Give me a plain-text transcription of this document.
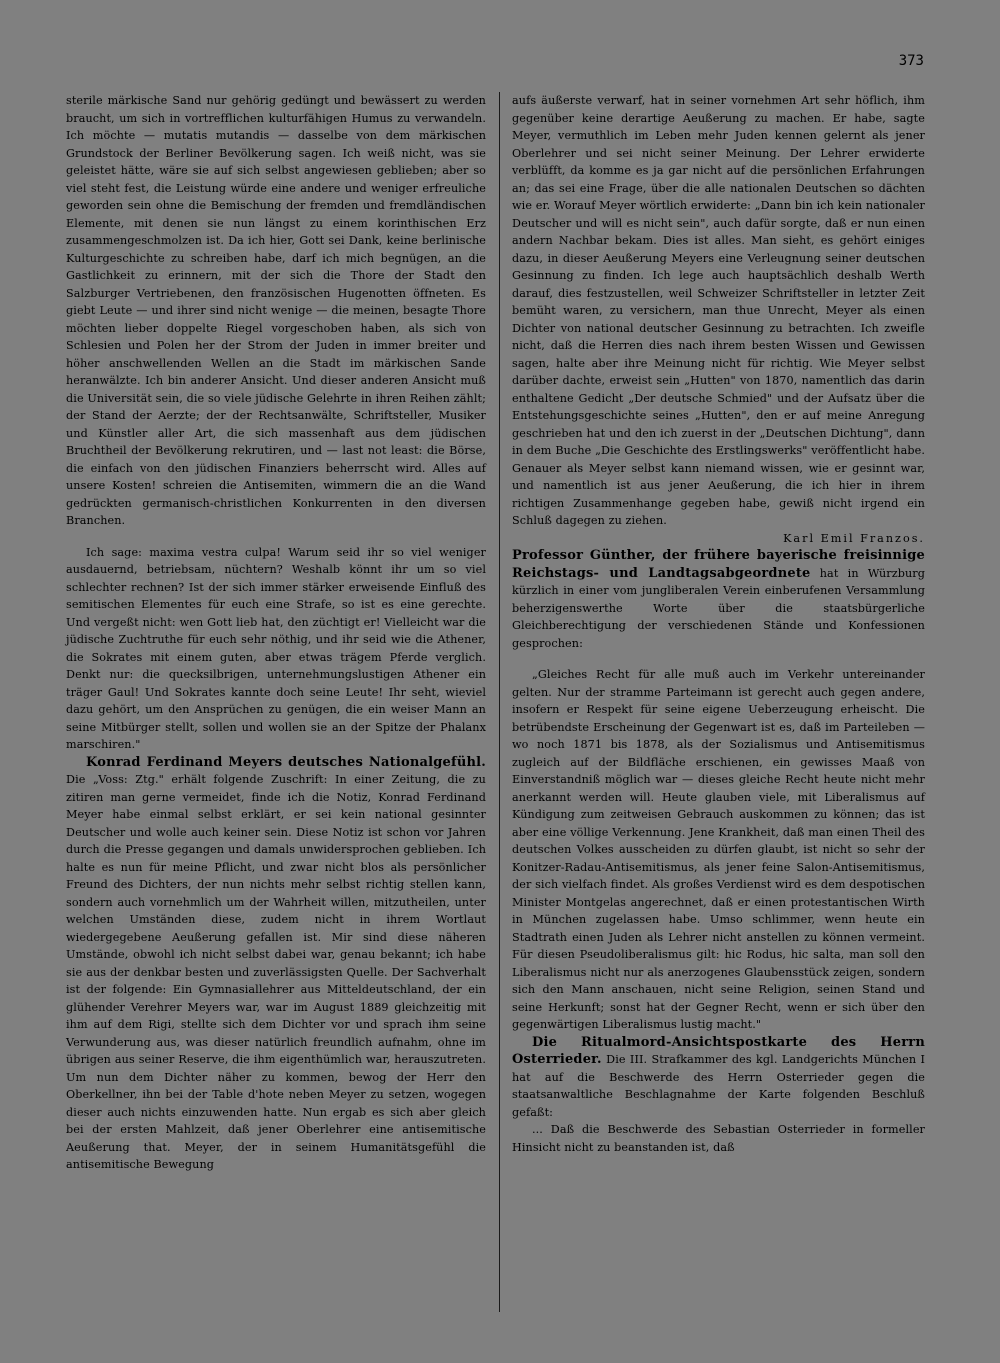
373

sterile märkische Sand nur gehörig gedüngt und bewässert zu werden braucht, um sich in vortrefflichen kulturfähigen Humus zu verwandeln. Ich möchte — mutatis mutandis — dasselbe von dem märkischen Grundstock der Berliner Bevölkerung sagen. Ich weiß nicht, was sie geleistet hätte, wäre sie auf sich selbst angewiesen geblieben; aber so viel steht fest, die Leistung würde eine andere und weniger erfreuliche geworden sein ohne die Bemischung der fremden und fremdländischen Elemente, mit denen sie nun längst zu einem korinthischen Erz zusammengeschmolzen ist. Da ich hier, Gott sei Dank, keine berlinische Kulturgeschichte zu schreiben habe, darf ich mich begnügen, an die Gastlichkeit zu erinnern, mit der sich die Thore der Stadt den Salzburger Vertriebenen, den französischen Hugenotten öffneten. Es giebt Leute — und ihrer sind nicht wenige — die meinen, besagte Thore möchten lieber doppelte Riegel vorgeschoben haben, als sich von Schlesien und Polen her der Strom der Juden in immer breiter und höher anschwellenden Wellen an die Stadt im märkischen Sande heranwälzte. Ich bin anderer Ansicht. Und dieser anderen Ansicht muß die Universität sein, die so viele jüdische Gelehrte in ihren Reihen zählt; der Stand der Aerzte; der der Rechtsanwälte, Schriftsteller, Musiker und Künstler aller Art, die sich massenhaft aus dem jüdischen Bruchtheil der Bevölkerung rekrutiren, und — last not least: die Börse, die einfach von den jüdischen Finanziers beherrscht wird. Alles auf unsere Kosten! schreien die Antisemiten, wimmern die an die Wand gedrückten germanisch-christlichen Konkurrenten in den diversen Branchen.

Ich sage: maxima vestra culpa! Warum seid ihr so viel weniger ausdauernd, betriebsam, nüchtern? Weshalb könnt ihr um so viel schlechter rechnen? Ist der sich immer stärker erweisende Einfluß des semitischen Elementes für euch eine Strafe, so ist es eine gerechte. Und vergeßt nicht: wen Gott lieb hat, den züchtigt er! Vielleicht war die jüdische Zuchtruthe für euch sehr nöthig, und ihr seid wie die Athener, die Sokrates mit einem guten, aber etwas trägem Pferde verglich. Denkt nur: die quecksilbrigen, unternehmungslustigen Athener ein träger Gaul! Und Sokrates kannte doch seine Leute! Ihr seht, wieviel dazu gehört, um den Ansprüchen zu genügen, die ein weiser Mann an seine Mitbürger stellt, sollen und wollen sie an der Spitze der Phalanx marschiren."

Konrad Ferdinand Meyers deutsches Nationalgefühl. Die „Voss: Ztg." erhält folgende Zuschrift: In einer Zeitung, die zu zitiren man gerne vermeidet, finde ich die Notiz, Konrad Ferdinand Meyer habe einmal selbst erklärt, er sei kein national gesinnter Deutscher und wolle auch keiner sein. Diese Notiz ist schon vor Jahren durch die Presse gegangen und damals unwidersprochen geblieben. Ich halte es nun für meine Pflicht, und zwar nicht blos als persönlicher Freund des Dichters, der nun nichts mehr selbst richtig stellen kann, sondern auch vornehmlich um der Wahrheit willen, mitzutheilen, unter welchen Umständen diese, zudem nicht in ihrem Wortlaut wiedergegebene Aeußerung gefallen ist. Mir sind diese näheren Umstände, obwohl ich nicht selbst dabei war, genau bekannt; ich habe sie aus der denkbar besten und zuverlässigsten Quelle. Der Sachverhalt ist der folgende: Ein Gymnasiallehrer aus Mitteldeutschland, der ein glühender Verehrer Meyers war, war im August 1889 gleichzeitig mit ihm auf dem Rigi, stellte sich dem Dichter vor und sprach ihm seine Verwunderung aus, was dieser natürlich freundlich aufnahm, ohne im übrigen aus seiner Reserve, die ihm eigenthümlich war, herauszutreten. Um nun dem Dichter näher zu kommen, bewog der Herr den Oberkellner, ihn bei der Table d'hote neben Meyer zu setzen, wogegen dieser auch nichts einzuwenden hatte. Nun ergab es sich aber gleich bei der ersten Mahlzeit, daß jener Oberlehrer eine antisemitische Aeußerung that. Meyer, der in seinem Humanitätsgefühl die antisemitische Bewegung

aufs äußerste verwarf, hat in seiner vornehmen Art sehr höflich, ihm gegenüber keine derartige Aeußerung zu machen. Er habe, sagte Meyer, vermuthlich im Leben mehr Juden kennen gelernt als jener Oberlehrer und sei nicht seiner Meinung. Der Lehrer erwiderte verblüfft, da komme es ja gar nicht auf die persönlichen Erfahrungen an; das sei eine Frage, über die alle nationalen Deutschen so dächten wie er. Worauf Meyer wörtlich erwiderte: „Dann bin ich kein nationaler Deutscher und will es nicht sein", auch dafür sorgte, daß er nun einen andern Nachbar bekam. Dies ist alles. Man sieht, es gehört einiges dazu, in dieser Aeußerung Meyers eine Verleugnung seiner deutschen Gesinnung zu finden. Ich lege auch hauptsächlich deshalb Werth darauf, dies festzustellen, weil Schweizer Schriftsteller in letzter Zeit bemüht waren, zu versichern, man thue Unrecht, Meyer als einen Dichter von national deutscher Gesinnung zu betrachten. Ich zweifle nicht, daß die Herren dies nach ihrem besten Wissen und Gewissen sagen, halte aber ihre Meinung nicht für richtig. Wie Meyer selbst darüber dachte, erweist sein „Hutten" von 1870, namentlich das darin enthaltene Gedicht „Der deutsche Schmied" und der Aufsatz über die Entstehungsgeschichte seines „Hutten", den er auf meine Anregung geschrieben hat und den ich zuerst in der „Deutschen Dichtung", dann in dem Buche „Die Geschichte des Erstlingswerks" veröffentlicht habe. Genauer als Meyer selbst kann niemand wissen, wie er gesinnt war, und namentlich ist aus jener Aeußerung, die ich hier in ihrem richtigen Zusammenhange gegeben habe, gewiß nicht irgend ein Schluß dagegen zu ziehen.

Karl Emil Franzos.

Professor Günther, der frühere bayerische freisinnige Reichstags- und Landtagsabgeordnete hat in Würzburg kürzlich in einer vom jungliberalen Verein einberufenen Versammlung beherzigenswerthe Worte über die staatsbürgerliche Gleichberechtigung der verschiedenen Stände und Konfessionen gesprochen:

„Gleiches Recht für alle muß auch im Verkehr untereinander gelten. Nur der stramme Parteimann ist gerecht auch gegen andere, insofern er Respekt für seine eigene Ueberzeugung erheischt. Die betrübendste Erscheinung der Gegenwart ist es, daß im Parteileben — wo noch 1871 bis 1878, als der Sozialismus und Antisemitismus zugleich auf der Bildfläche erschienen, ein gewisses Maaß von Einverstandniß möglich war — dieses gleiche Recht heute nicht mehr anerkannt werden will. Heute glauben viele, mit Liberalismus auf Kündigung zum zeitweisen Gebrauch auskommen zu können; das ist aber eine völlige Verkennung. Jene Krankheit, daß man einen Theil des deutschen Volkes ausscheiden zu dürfen glaubt, ist nicht so sehr der Konitzer-Radau-Antisemitismus, als jener feine Salon-Antisemitismus, der sich vielfach findet. Als großes Verdienst wird es dem despotischen Minister Montgelas angerechnet, daß er einen protestantischen Wirth in München zugelassen habe. Umso schlimmer, wenn heute ein Stadtrath einen Juden als Lehrer nicht anstellen zu können vermeint. Für diesen Pseudoliberalismus gilt: hic Rodus, hic salta, man soll den Liberalismus nicht nur als anerzogenes Glaubensstück zeigen, sondern sich den Mann anschauen, nicht seine Religion, seinen Stand und seine Herkunft; sonst hat der Gegner Recht, wenn er sich über den gegenwärtigen Liberalismus lustig macht."

Die Ritualmord-Ansichtspostkarte des Herrn Osterrieder. Die III. Strafkammer des kgl. Landgerichts München I hat auf die Beschwerde des Herrn Osterrieder gegen die staatsanwaltliche Beschlagnahme der Karte folgenden Beschluß gefaßt:

... Daß die Beschwerde des Sebastian Osterrieder in formeller Hinsicht nicht zu beanstanden ist, daß
